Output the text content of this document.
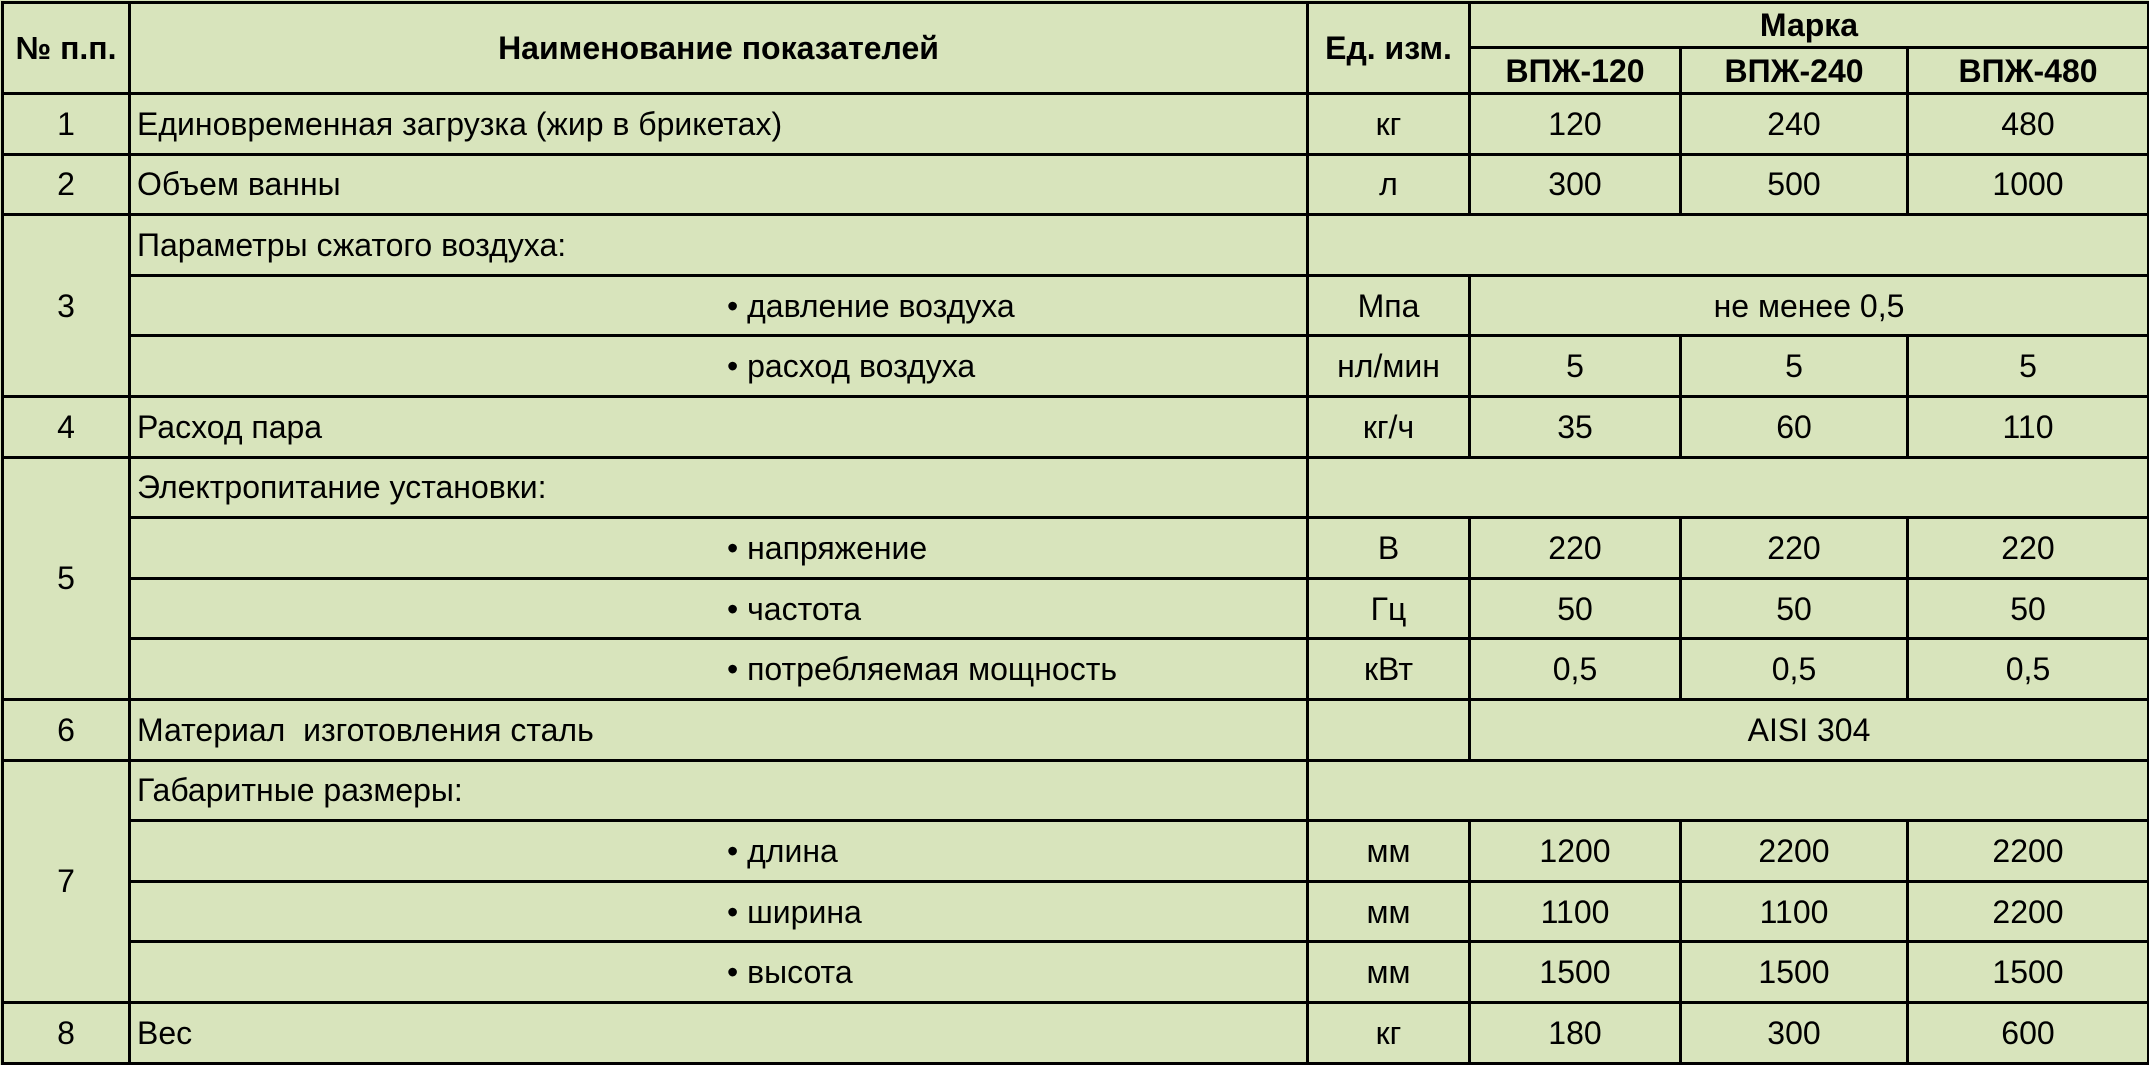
№ п.п.	Наименование показателей	Ед. изм.	Марка		
			ВПЖ-120	ВПЖ-240	ВПЖ-480
1	Единовременная загрузка (жир в брикетах)	кг	120	240	480
2	Объем ванны	л	300	500	1000
3	Параметры сжатого воздуха:				
	• давление воздуха	Мпа	не менее 0,5		
	• расход воздуха	нл/мин	5	5	5
4	Расход пара	кг/ч	35	60	110
5	Электропитание установки:				
	• напряжение	В	220	220	220
	• частота	Гц	50	50	50
	• потребляемая мощность	кВт	0,5	0,5	0,5
6	Материал  изготовления сталь		AISI 304		
7	Габаритные размеры:				
	• длина	мм	1200	2200	2200
	• ширина	мм	1100	1100	2200
	• высота	мм	1500	1500	1500
8	Вес	кг	180	300	600
